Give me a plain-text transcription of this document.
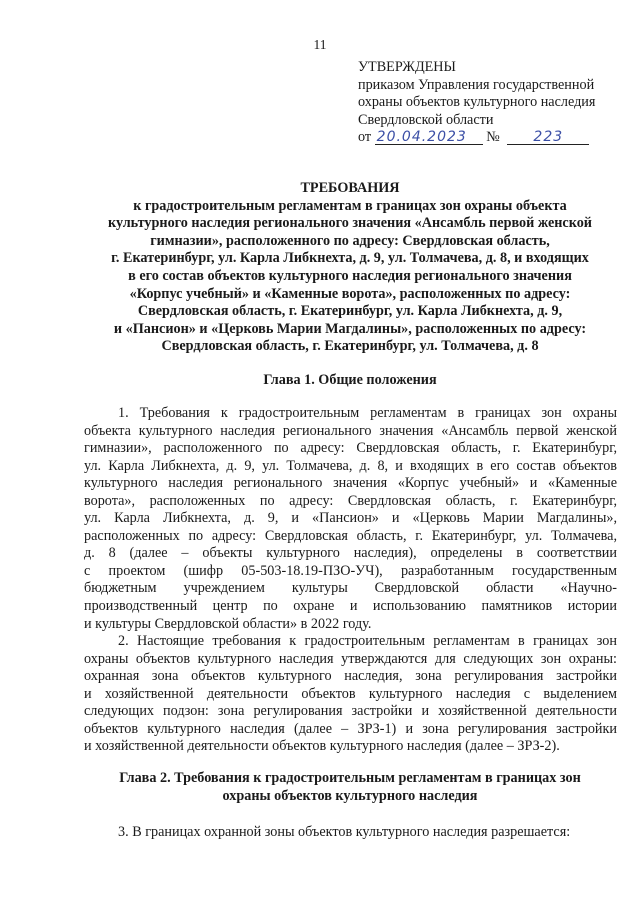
11
УТВЕРЖДЕНЫ
приказом Управления государственной
охраны объектов культурного наследия
Свердловской области
от 20.04.2023 № 223
ТРЕБОВАНИЯ
к градостроительным регламентам в границах зон охраны объекта
культурного наследия регионального значения «Ансамбль первой женской
гимназии», расположенного по адресу: Свердловская область,
г. Екатеринбург, ул. Карла Либкнехта, д. 9, ул. Толмачева, д. 8, и входящих
в его состав объектов культурного наследия регионального значения
«Корпус учебный» и «Каменные ворота», расположенных по адресу:
Свердловская область, г. Екатеринбург, ул. Карла Либкнехта, д. 9,
и «Пансион» и «Церковь Марии Магдалины», расположенных по адресу:
Свердловская область, г. Екатеринбург, ул. Толмачева, д. 8
Глава 1. Общие положения
1. Требования к градостроительным регламентам в границах зон охраны
объекта культурного наследия регионального значения «Ансамбль первой женской
гимназии», расположенного по адресу: Свердловская область, г. Екатеринбург,
ул. Карла Либкнехта, д. 9, ул. Толмачева, д. 8, и входящих в его состав объектов
культурного наследия регионального значения «Корпус учебный» и «Каменные
ворота», расположенных по адресу: Свердловская область, г. Екатеринбург,
ул. Карла Либкнехта, д. 9, и «Пансион» и «Церковь Марии Магдалины»,
расположенных по адресу: Свердловская область, г. Екатеринбург, ул. Толмачева,
д. 8 (далее – объекты культурного наследия), определены в соответствии
с проектом (шифр 05-503-18.19-ПЗО-УЧ), разработанным государственным
бюджетным учреждением культуры Свердловской области «Научно-
производственный центр по охране и использованию памятников истории
и культуры Свердловской области» в 2022 году.
2. Настоящие требования к градостроительным регламентам в границах зон
охраны объектов культурного наследия утверждаются для следующих зон охраны:
охранная зона объектов культурного наследия, зона регулирования застройки
и хозяйственной деятельности объектов культурного наследия с выделением
следующих подзон: зона регулирования застройки и хозяйственной деятельности
объектов культурного наследия (далее – ЗРЗ-1) и зона регулирования застройки
и хозяйственной деятельности объектов культурного наследия (далее – ЗРЗ-2).
Глава 2. Требования к градостроительным регламентам в границах зон
охраны объектов культурного наследия
3. В границах охранной зоны объектов культурного наследия разрешается:
